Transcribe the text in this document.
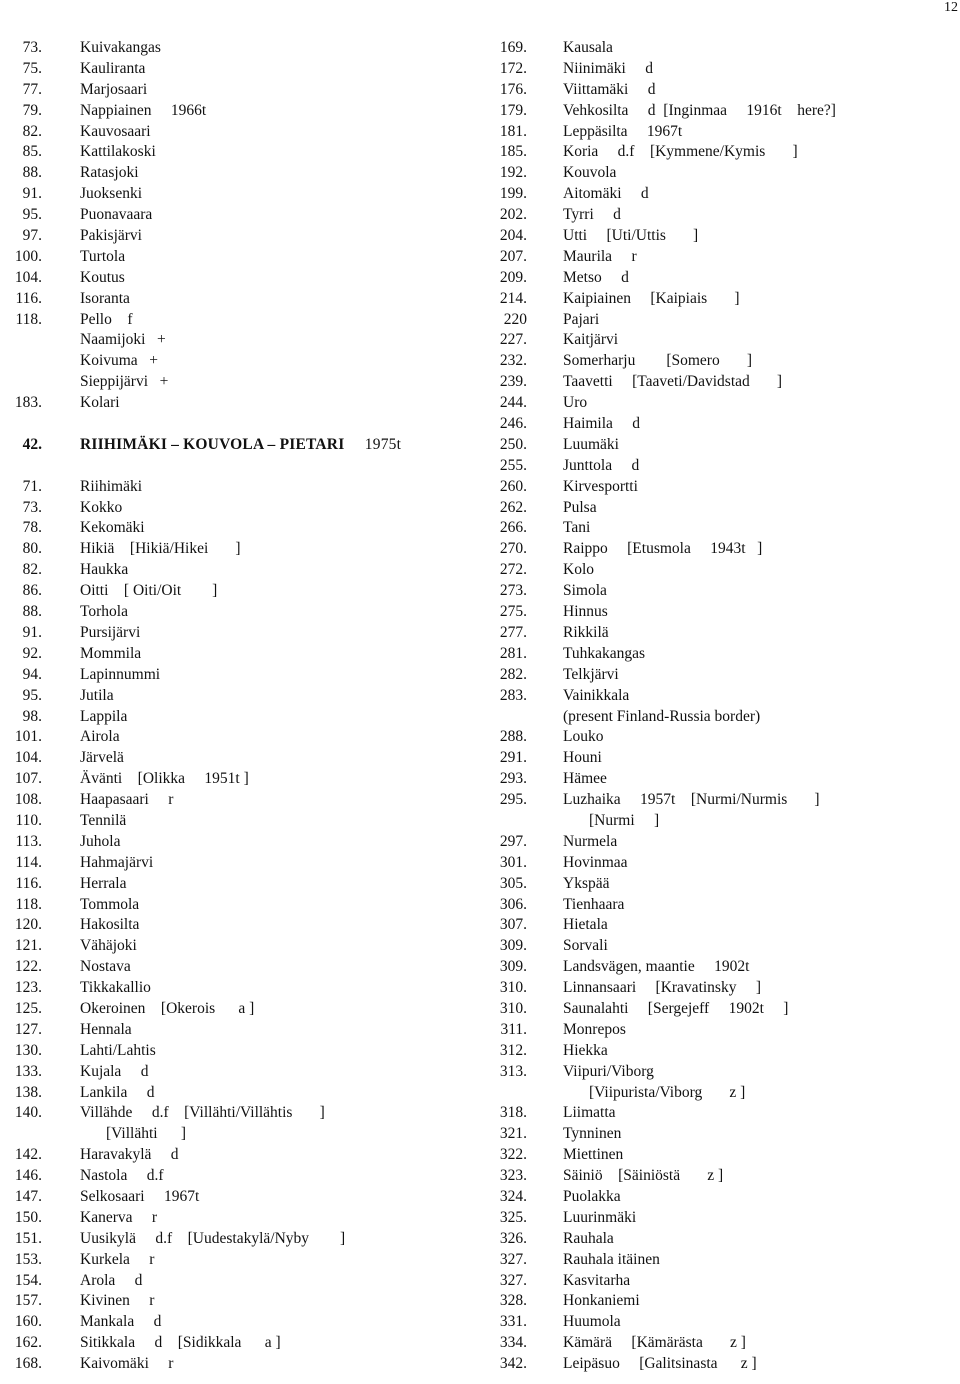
12
73. Kuivakangas
75. Kauliranta
77. Marjosaari
79. Nappiainen     1966t
82. Kauvosaari
85. Kattilakoski
88. Ratasjoki
91. Juoksenki
95. Puonavaara
97. Pakisjärvi
100. Turtola
104. Koutus
116. Isoranta
118. Pello    f
Naamijoki   +
Koivuma   +
Sieppijärvi   +
183. Kolari
42. RIIHIMÄKI – KOUVOLA – PIETARI     1975t
71. Riihimäki
73. Kokko
78. Kekomäki
80. Hikiä    [Hikiä/Hikei       ]
82. Haukka
86. Oitti    [ Oiti/Oit        ]
88. Torhola
91. Pursijärvi
92. Mommila
94. Lapinnummi
95. Jutila
98. Lappila
101. Airola
104. Järvelä
107. Ävänti    [Olikka     1951t ]
108. Haapasaari     r
110. Tennilä
113. Juhola
114. Hahmajärvi
116. Herrala
118. Tommola
120. Hakosilta
121. Vähäjoki
122. Nostava
123. Tikkakallio
125. Okeroinen    [Okerois      a ]
127. Hennala
130. Lahti/Lahtis
133. Kujala     d
138. Lankila     d
140. Villähde     d.f    [Villähti/Villähtis       ]
[Villähti      ]
142. Haravakylä     d
146. Nastola     d.f
147. Selkosaari     1967t
150. Kanerva     r
151. Uusikylä     d.f    [Uudestakylä/Nyby        ]
153. Kurkela     r
154. Arola     d
157. Kivinen     r
160. Mankala     d
162. Sitikkala     d    [Sidikkala      a ]
168. Kaivomäki     r
169. Kausala
172. Niinimäki     d
176. Viittamäki     d
179. Vehkosilta     d  [Inginmaa     1916t    here?]
181. Leppäsilta     1967t
185. Koria     d.f    [Kymmene/Kymis       ]
192. Kouvola
199. Aitomäki     d
202. Tyrri     d
204. Utti     [Uti/Uttis       ]
207. Maurila     r
209. Metso     d
214. Kaipiainen     [Kaipiais       ]
220 Pajari
227. Kaitjärvi
232. Somerharju        [Somero       ]
239. Taavetti     [Taaveti/Davidstad       ]
244. Uro
246. Haimila     d
250. Luumäki
255. Junttola     d
260. Kirvesportti
262. Pulsa
266. Tani
270. Raippo     [Etusmola     1943t   ]
272. Kolo
273. Simola
275. Hinnus
277. Rikkilä
281. Tuhkakangas
282. Telkjärvi
283. Vainikkala
(present Finland-Russia border)
288. Louko
291. Houni
293. Hämee
295. Luzhaika     1957t    [Nurmi/Nurmis       ]
[Nurmi     ]
297. Nurmela
301. Hovinmaa
305. Ykspää
306. Tienhaara
307. Hietala
309. Sorvali
309. Landsvägen, maantie     1902t
310. Linnansaari     [Kravatinsky     ]
310. Saunalahti     [Sergejeff     1902t     ]
311. Monrepos
312. Hiekka
313. Viipuri/Viborg
[Viipurista/Viborg       z ]
318. Liimatta
321. Tynninen
322. Miettinen
323. Säiniö    [Säiniöstä       z ]
324. Puolakka
325. Luurinmäki
326. Rauhala
327. Rauhala itäinen
327. Kasvitarha
328. Honkaniemi
331. Huumola
334. Kämärä     [Kämärästa       z ]
342. Leipäsuo     [Galitsinasta      z ]
